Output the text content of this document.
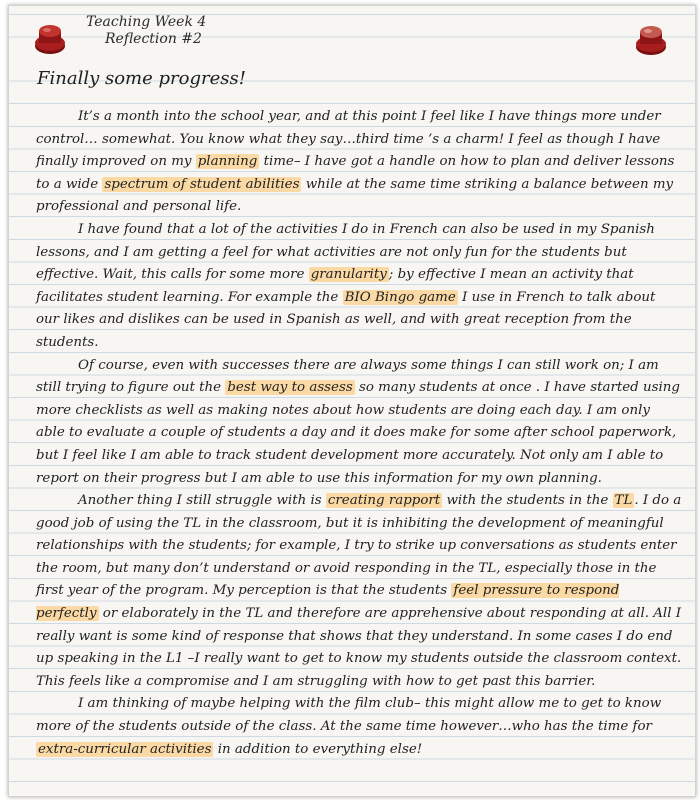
Teaching Week 4
Reflection #2
Finally some progress!

It’s a month into the school year, and at this point I feel like I have things more under control… somewhat. You know what they say…third time ’s a charm! I feel as though I have finally improved on my planning time– I have got a handle on how to plan and deliver lessons to a wide spectrum of student abilities while at the same time striking a balance between my professional and personal life.

I have found that a lot of the activities I do in French can also be used in my Spanish lessons, and I am getting a feel for what activities are not only fun for the students but effective. Wait, this calls for some more granularity ; by effective I mean an activity that facilitates student learning. For example the BIO Bingo game I use in French to talk about our likes and dislikes can be used in Spanish as well, and with great reception from the students.

Of course, even with successes there are always some things I can still work on; I am still trying to figure out the best way to assess so many students at once . I have started using more checklists as well as making notes about how students are doing each day. I am only able to evaluate a couple of students a day and it does make for some after school paperwork, but I feel like I am able to track student development more accurately. Not only am I able to report on their progress but I am able to use this information for my own planning.

Another thing I still struggle with is creating rapport with the students in the TL . I do a good job of using the TL in the classroom, but it is inhibiting the development of meaningful relationships with the students; for example, I try to strike up conversations as students enter the room, but many don’t understand or avoid responding in the TL, especially those in the first year of the program. My perception is that the students feel pressure to respond perfectly or elaborately in the TL and therefore are apprehensive about responding at all. All I really want is some kind of response that shows that they understand. In some cases I do end up speaking in the L1 –I really want to get to know my students outside the classroom context. This feels like a compromise and I am struggling with how to get past this barrier.

I am thinking of maybe helping with the film club– this might allow me to get to know more of the students outside of the class. At the same time however…who has the time for extra-curricular activities in addition to everything else!
